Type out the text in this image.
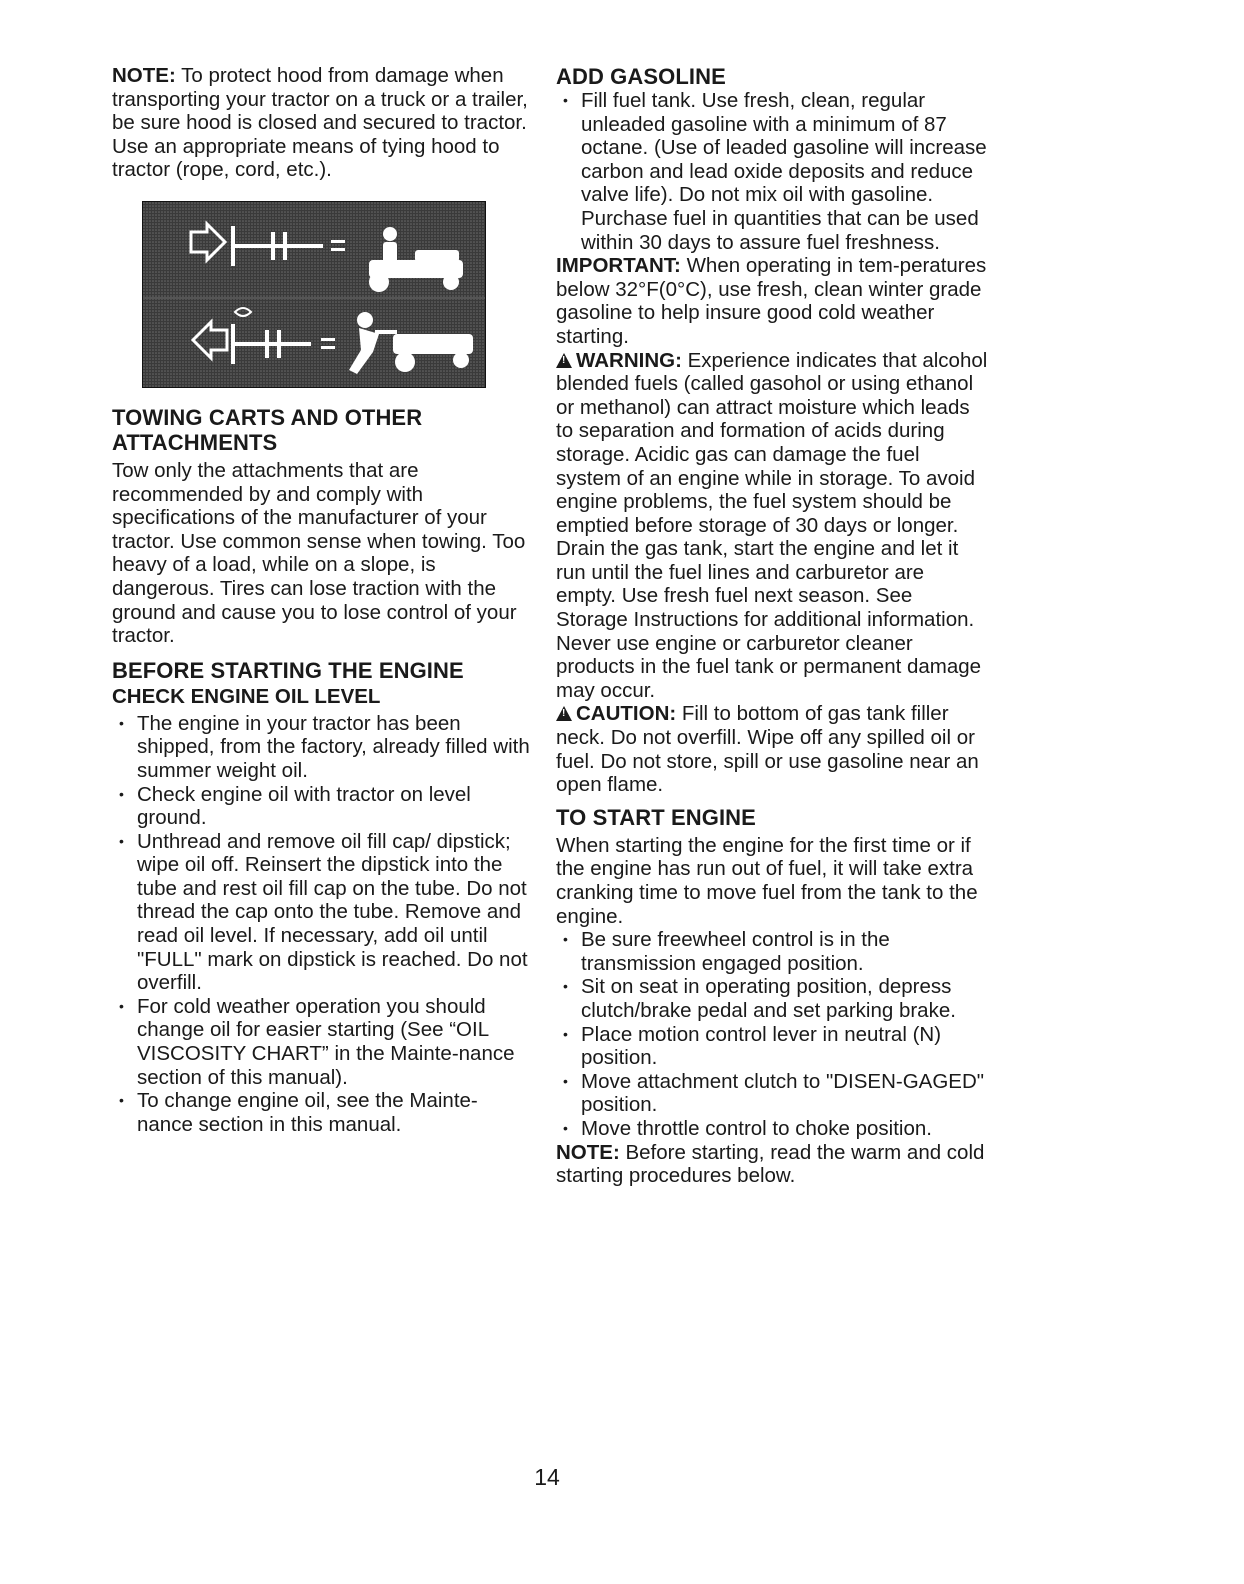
NOTE: To protect hood from damage when transporting your tractor on a truck or a trailer, be sure hood is closed and secured to tractor. Use an appropriate means of tying hood to tractor (rope, cord, etc.).

TOWING CARTS AND OTHER
ATTACHMENTS

Tow only the attachments that are recommended by and comply with specifications of the manufacturer of your tractor. Use common sense when towing. Too heavy of a load, while on a slope, is dangerous. Tires can lose traction with the ground and cause you to lose control of your tractor.

BEFORE STARTING THE ENGINE
CHECK ENGINE OIL LEVEL
• The engine in your tractor has been shipped, from the factory, already filled with summer weight oil.
• Check engine oil with tractor on level ground.
• Unthread and remove oil fill cap/ dipstick; wipe oil off. Reinsert the dipstick into the tube and rest oil fill cap on the tube. Do not thread the cap onto the tube. Remove and read oil level. If necessary, add oil until "FULL" mark on dipstick is reached. Do not overfill.
• For cold weather operation you should change oil for easier starting (See “OIL VISCOSITY CHART” in the Mainte-nance section of this manual).
• To change engine oil, see the Mainte-nance section in this manual.
ADD GASOLINE
• Fill fuel tank. Use fresh, clean, regular unleaded gasoline with a minimum of 87 octane. (Use of leaded gasoline will increase carbon and lead oxide deposits and reduce valve life). Do not mix oil with gasoline. Purchase fuel in quantities that can be used within 30 days to assure fuel freshness.

IMPORTANT: When operating in tem-peratures below 32°F(0°C), use fresh, clean winter grade gasoline to help insure good cold weather starting.

!WARNING: Experience indicates that alcohol blended fuels (called gasohol or using ethanol or methanol) can attract moisture which leads to separation and formation of acids during storage. Acidic gas can damage the fuel system of an engine while in storage. To avoid engine problems, the fuel system should be emptied before storage of 30 days or longer. Drain the gas tank, start the engine and let it run until the fuel lines and carburetor are empty. Use fresh fuel next season. See Storage Instructions for additional information. Never use engine or carburetor cleaner products in the fuel tank or permanent damage may occur.

!CAUTION: Fill to bottom of gas tank filler neck. Do not overfill. Wipe off any spilled oil or fuel. Do not store, spill or use gasoline near an open flame.

TO START ENGINE

When starting the engine for the first time or if the engine has run out of fuel, it will take extra cranking time to move fuel from the tank to the engine.

• Be sure freewheel control is in the transmission engaged position.
• Sit on seat in operating position, depress clutch/brake pedal and set parking brake.
• Place motion control lever in neutral (N) position.
• Move attachment clutch to "DISEN-GAGED" position.
• Move throttle control to choke position.

NOTE: Before starting, read the warm and cold starting procedures below.

14
